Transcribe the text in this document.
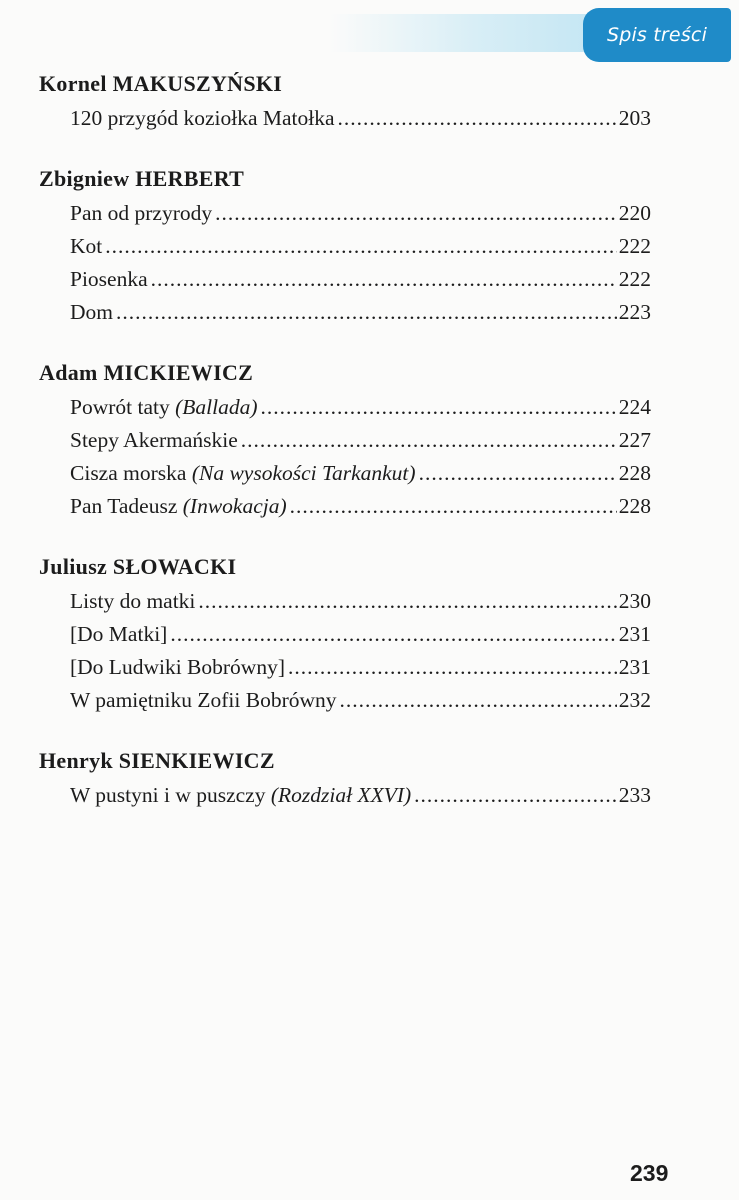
Spis treści
Kornel MAKUSZYŃSKI
120 przygód koziołka Matołka .....	203
Zbigniew HERBERT
Pan od przyrody .....	220
Kot .....	222
Piosenka .....	222
Dom .....	223
Adam MICKIEWICZ
Powrót taty (Ballada) .....	224
Stepy Akermańskie .....	227
Cisza morska (Na wysokości Tarkankut) .....	228
Pan Tadeusz (Inwokacja) .....	228
Juliusz SŁOWACKI
Listy do matki .....	230
[Do Matki] .....	231
[Do Ludwiki Bobrówny] .....	231
W pamiętniku Zofii Bobrówny .....	232
Henryk SIENKIEWICZ
W pustyni i w puszczy (Rozdział XXVI) .....	233
239
